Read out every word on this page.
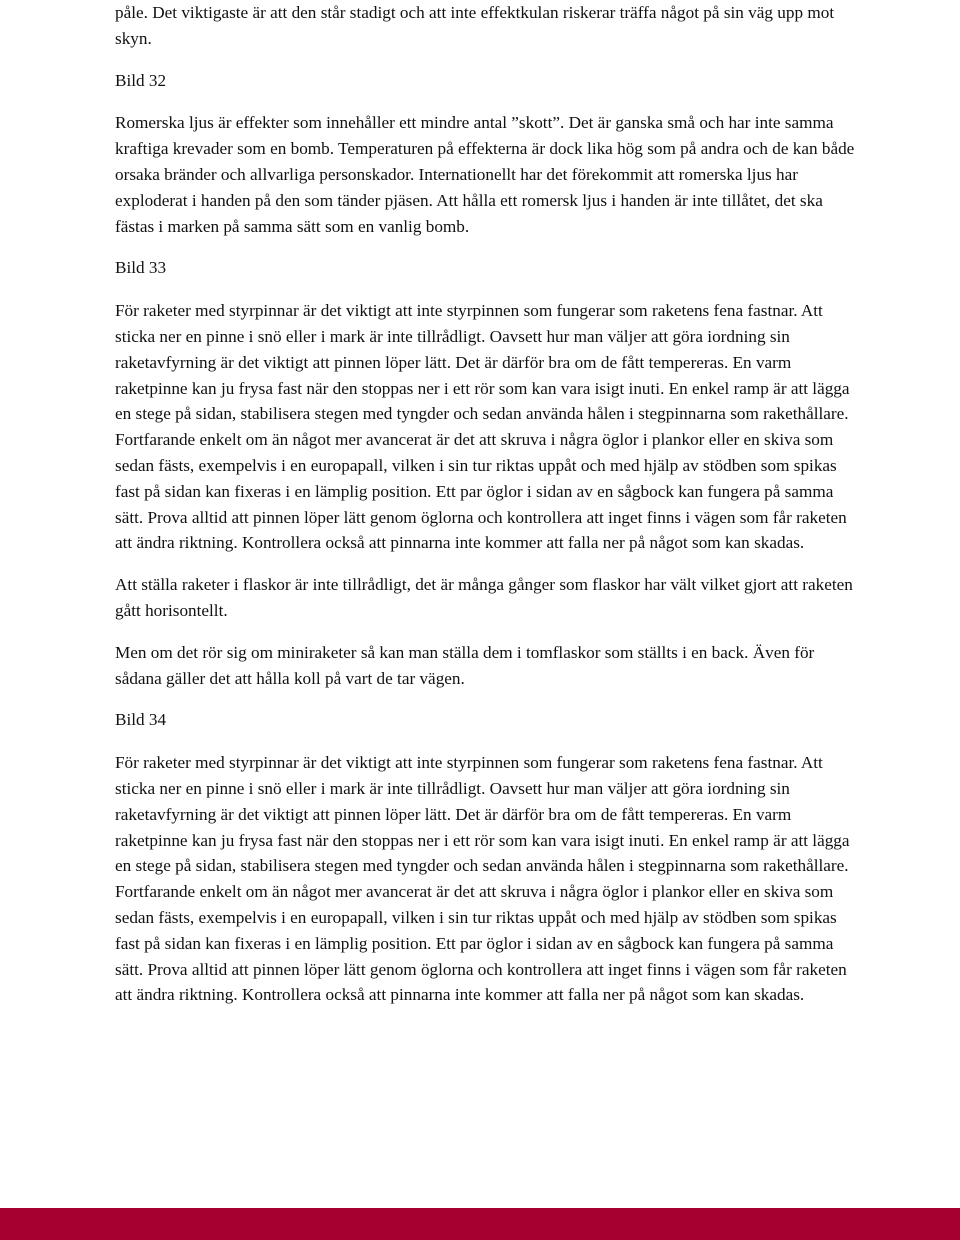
påle. Det viktigaste är att den står stadigt och att inte effektkulan riskerar träffa något på sin väg upp mot skyn.

Bild 32

Romerska ljus är effekter som innehåller ett mindre antal ”skott”. Det är ganska små och har inte samma kraftiga krevader som en bomb. Temperaturen på effekterna är dock lika hög som på andra och de kan både orsaka bränder och allvarliga personskador. Internationellt har det förekommit att romerska ljus har exploderat i handen på den som tänder pjäsen. Att hålla ett romersk ljus i handen är inte tillåtet, det ska fästas i marken på samma sätt som en vanlig bomb.

Bild 33

För raketer med styrpinnar är det viktigt att inte styrpinnen som fungerar som raketens fena fastnar. Att sticka ner en pinne i snö eller i mark är inte tillrådligt. Oavsett hur man väljer att göra iordning sin raketavfyrning är det viktigt att pinnen löper lätt. Det är därför bra om de fått tempereras. En varm raketpinne kan ju frysa fast när den stoppas ner i ett rör som kan vara isigt inuti. En enkel ramp är att lägga en stege på sidan, stabilisera stegen med tyngder och sedan använda hålen i stegpinnarna som rakethållare. Fortfarande enkelt om än något mer avancerat är det att skruva i några öglor i plankor eller en skiva som sedan fästs, exempelvis i en europapall, vilken i sin tur riktas uppåt och med hjälp av stödben som spikas fast på sidan kan fixeras i en lämplig position. Ett par öglor i sidan av en sågbock kan fungera på samma sätt. Prova alltid att pinnen löper lätt genom öglorna och kontrollera att inget finns i vägen som får raketen att ändra riktning. Kontrollera också att pinnarna inte kommer att falla ner på något som kan skadas.

Att ställa raketer i flaskor är inte tillrådligt, det är många gånger som flaskor har vält vilket gjort att raketen gått horisontellt.

Men om det rör sig om miniraketer så kan man ställa dem i tomflaskor som ställts i en back. Även för sådana gäller det att hålla koll på vart de tar vägen.

Bild 34

För raketer med styrpinnar är det viktigt att inte styrpinnen som fungerar som raketens fena fastnar. Att sticka ner en pinne i snö eller i mark är inte tillrådligt. Oavsett hur man väljer att göra iordning sin raketavfyrning är det viktigt att pinnen löper lätt. Det är därför bra om de fått tempereras. En varm raketpinne kan ju frysa fast när den stoppas ner i ett rör som kan vara isigt inuti. En enkel ramp är att lägga en stege på sidan, stabilisera stegen med tyngder och sedan använda hålen i stegpinnarna som rakethållare. Fortfarande enkelt om än något mer avancerat är det att skruva i några öglor i plankor eller en skiva som sedan fästs, exempelvis i en europapall, vilken i sin tur riktas uppåt och med hjälp av stödben som spikas fast på sidan kan fixeras i en lämplig position. Ett par öglor i sidan av en sågbock kan fungera på samma sätt. Prova alltid att pinnen löper lätt genom öglorna och kontrollera att inget finns i vägen som får raketen att ändra riktning. Kontrollera också att pinnarna inte kommer att falla ner på något som kan skadas.
